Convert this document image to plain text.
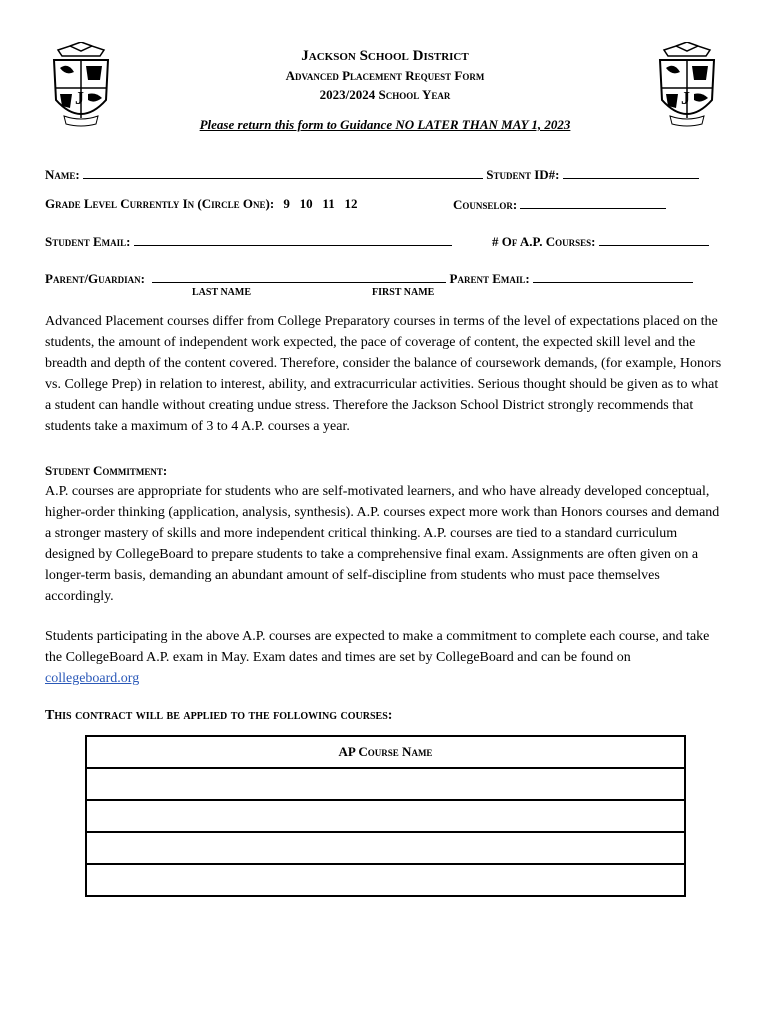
J	J
Jackson School District
Advanced Placement Request Form
2023/2024 School Year
Please return this form to Guidance NO LATER THAN MAY 1, 2023
Name:	Student ID#:
Grade Level Currently In (Circle One): 9   10   11   12	Counselor:
Student Email:	# Of A.P. Courses:
Parent/Guardian:	Parent Email:
LAST NAME	FIRST NAME

Advanced Placement courses differ from College Preparatory courses in terms of the level of expectations placed on the students, the amount of independent work expected, the pace of coverage of content, the expected skill level and the breadth and depth of the content covered. Therefore, consider the balance of coursework demands, (for example, Honors vs. College Prep) in relation to interest, ability, and extracurricular activities. Serious thought should be given as to what a student can handle without creating undue stress. Therefore the Jackson School District strongly recommends that students take a maximum of 3 to 4 A.P. courses a year.

Student Commitment:

A.P. courses are appropriate for students who are self-motivated learners, and who have already developed conceptual, higher-order thinking (application, analysis, synthesis). A.P. courses expect more work than Honors courses and demand a stronger mastery of skills and more independent critical thinking. A.P. courses are tied to a standard curriculum designed by CollegeBoard to prepare students to take a comprehensive final exam. Assignments are often given on a longer-term basis, demanding an abundant amount of self-discipline from students who must pace themselves accordingly.

Students participating in the above A.P. courses are expected to make a commitment to complete each course, and take the CollegeBoard A.P. exam in May. Exam dates and times are set by CollegeBoard and can be found on collegeboard.org

This contract will be applied to the following courses:
AP Course Name
